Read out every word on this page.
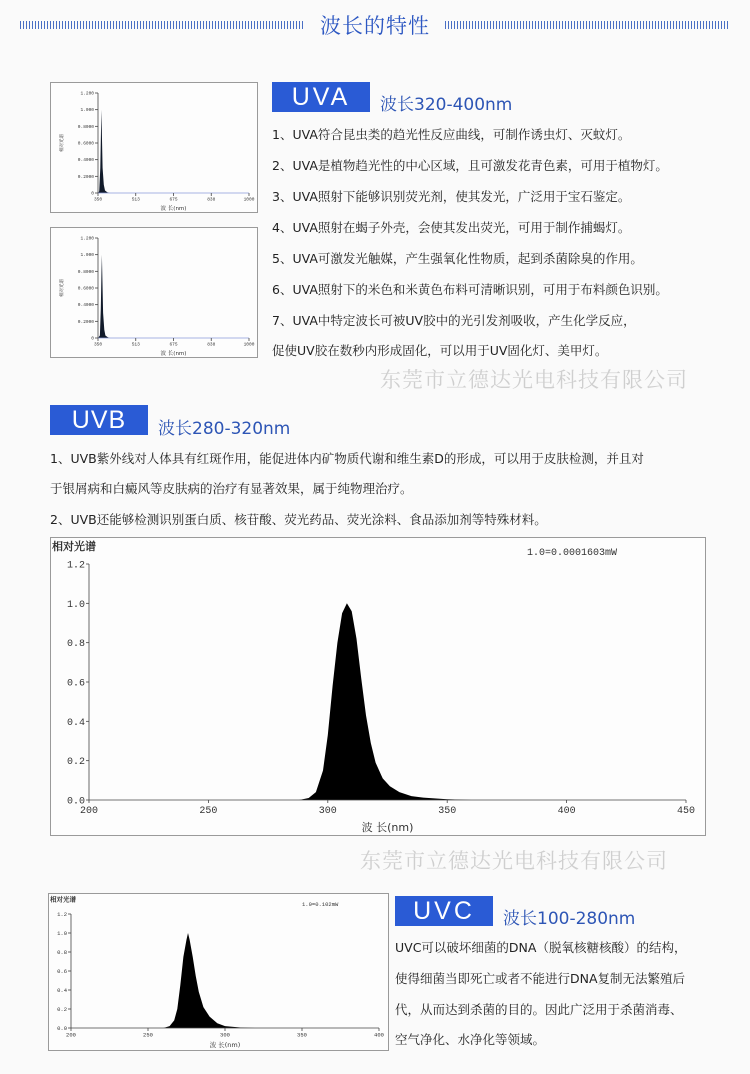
波长的特性
东莞市立德达光电科技有限公司
东莞市立德达光电科技有限公司
0
0.2000
0.4000
0.6000
0.8000
1.000
1.200
350	513	675	838	1000
相对光谱
波 长(nm)
0
0.2000
0.4000
0.6000
0.8000
1.000
1.200
350	513	675	838	1000
相对光谱
波 长(nm)
UVA	波长320-400nm
1、UVA符合昆虫类的趋光性反应曲线，可制作诱虫灯、灭蚊灯。
2、UVA是植物趋光性的中心区域，且可激发花青色素，可用于植物灯。
3、UVA照射下能够识别荧光剂，使其发光，广泛用于宝石鉴定。
4、UVA照射在蝎子外壳，会使其发出荧光，可用于制作捕蝎灯。
5、UVA可激发光触媒，产生强氧化性物质，起到杀菌除臭的作用。
6、UVA照射下的米色和米黄色布料可清晰识别，可用于布料颜色识别。
7、UVA中特定波长可被UV胶中的光引发剂吸收，产生化学反应，
促使UV胶在数秒内形成固化，可以用于UV固化灯、美甲灯。
UVB	波长280-320nm
1、UVB紫外线对人体具有红斑作用，能促进体内矿物质代谢和维生素D的形成，可以用于皮肤检测，并且对
于银屑病和白癜风等皮肤病的治疗有显著效果，属于纯物理治疗。
2、UVB还能够检测识别蛋白质、核苷酸、荧光药品、荧光涂料、食品添加剂等特殊材料。
0.0
0.2
0.4
0.6
0.8
1.0
1.2
200	250	300	350	400	450
相对光谱
波 长(nm)
1.0=0.0001603mW
0.0
0.2
0.4
0.6
0.8
1.0
1.2
200	250	300	350	400
相对光谱
波 长(nm)
1.0=0.102mW	UVC	波长100-280nm
UVC可以破坏细菌的DNA（脱氧核糖核酸）的结构，
使得细菌当即死亡或者不能进行DNA复制无法繁殖后
代，从而达到杀菌的目的。因此广泛用于杀菌消毒、
空气净化、水净化等领域。
